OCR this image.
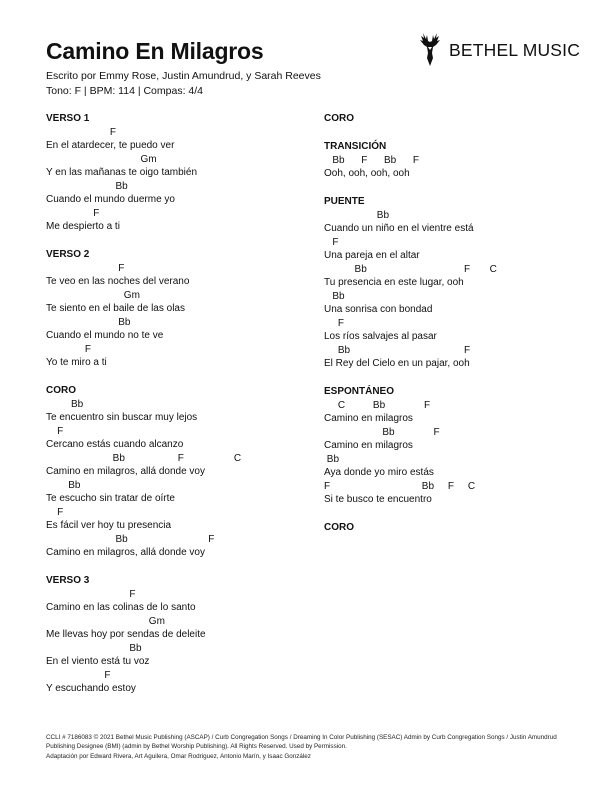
Camino En Milagros
Escrito por Emmy Rose, Justin Amundrud, y Sarah Reeves
Tono: F | BPM: 114 | Compas: 4/4
BETHEL MUSIC
VERSO 1
F
En el atardecer, te puedo ver
Gm
Y en las mañanas te oigo también
Bb
Cuando el mundo duerme yo
F
Me despierto a ti
VERSO 2
F
Te veo en las noches del verano
Gm
Te siento en el baile de las olas
Bb
Cuando el mundo no te ve
F
Yo te miro a ti
CORO
Bb
Te encuentro sin buscar muy lejos
F
Cercano estás cuando alcanzo
Bb                   F                  C
Camino en milagros, allá donde voy
Bb
Te escucho sin tratar de oírte
F
Es fácil ver hoy tu presencia
Bb                             F
Camino en milagros, allá donde voy
VERSO 3
F
Camino en las colinas de lo santo
Gm
Me llevas hoy por sendas de deleite
Bb
En el viento está tu voz
F
Y escuchando estoy
CORO
TRANSICIÓN
Bb      F      Bb      F
Ooh, ooh, ooh, ooh
PUENTE
Bb
Cuando un niño en el vientre está
F
Una pareja en el altar
Bb                                   F       C
Tu presencia en este lugar, ooh
Bb
Una sonrisa con bondad
F
Los ríos salvajes al pasar
Bb                                         F
El Rey del Cielo en un pajar, ooh
ESPONTÁNEO
C          Bb              F
Camino en milagros
Bb              F
Camino en milagros
Bb
Aya donde yo miro estás
F                                 Bb     F     C
Si te busco te encuentro
CORO

CCLI # 7186083 © 2021 Bethel Music Publishing (ASCAP) / Curb Congregation Songs / Dreaming In Color Publishing (SESAC) Admin by Curb Congregation Songs / Justin Amundrud Publishing Designee (BMI) (admin by Bethel Worship Publishing). All Rights Reserved. Used by Permission.

Adaptación por Edward Rivera, Art Aguilera, Omar Rodriguez, Antonio Marín, y Isaac González
